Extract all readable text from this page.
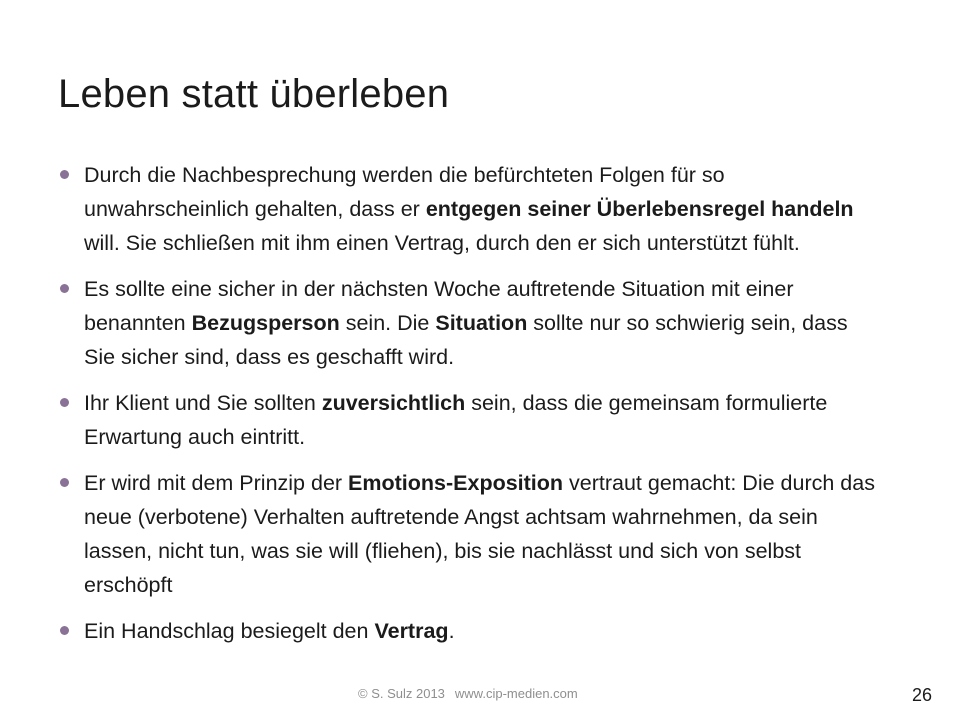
Leben statt überleben
Durch die Nachbesprechung werden die befürchteten Folgen für so unwahrscheinlich gehalten, dass er entgegen seiner Überlebensregel handeln will. Sie schließen mit ihm einen Vertrag, durch den er sich unterstützt fühlt.
Es sollte eine sicher in der nächsten Woche auftretende Situation mit einer benannten Bezugsperson sein. Die Situation sollte nur so schwierig sein, dass Sie sicher sind, dass es geschafft wird.
Ihr Klient und Sie sollten zuversichtlich sein, dass die gemeinsam formulierte Erwartung auch eintritt.
Er wird mit dem Prinzip der Emotions-Exposition vertraut gemacht: Die durch das neue (verbotene) Verhalten auftretende Angst achtsam wahrnehmen, da sein lassen, nicht tun, was sie will (fliehen), bis sie nachlässt und sich von selbst erschöpft
Ein Handschlag besiegelt den Vertrag.
© S. Sulz 2013 www.cip-medien.com	26
